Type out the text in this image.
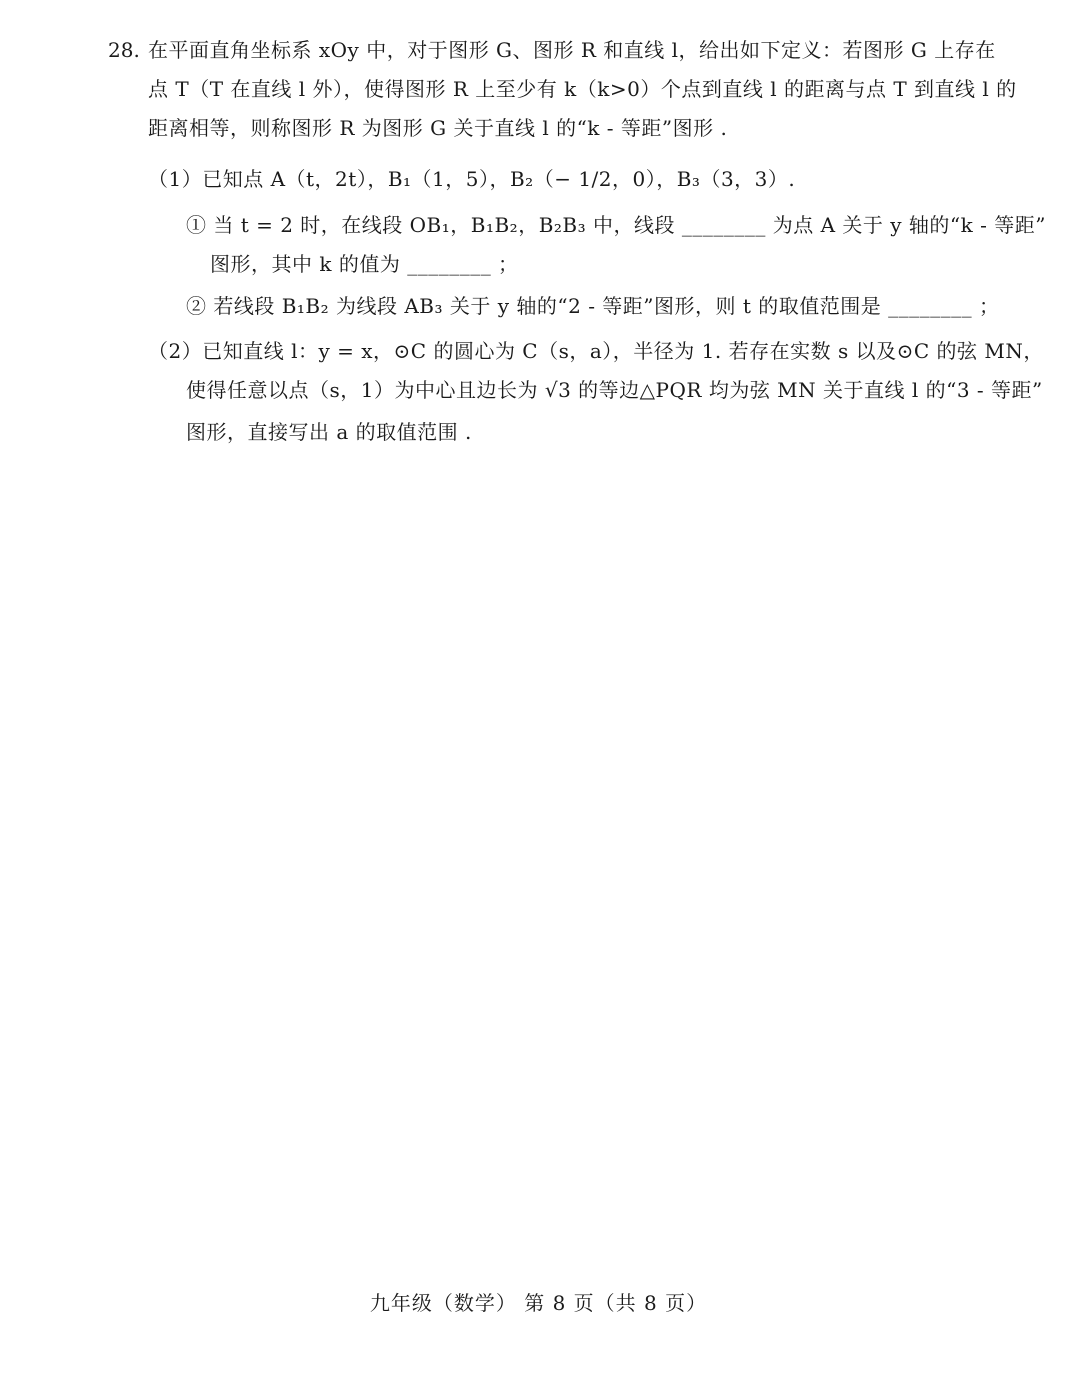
28. 在平面直角坐标系 xOy 中，对于图形 G、图形 R 和直线 l，给出如下定义：若图形 G 上存在
点 T（T 在直线 l 外），使得图形 R 上至少有 k（k>0）个点到直线 l 的距离与点 T 到直线 l 的
距离相等，则称图形 R 为图形 G 关于直线 l 的“k - 等距”图形 .
（1）已知点 A（t，2t），B₁（1，5），B₂（− 1/2，0），B₃（3，3）.
① 当 t = 2 时，在线段 OB₁，B₁B₂，B₂B₃ 中，线段 ________ 为点 A 关于 y 轴的“k - 等距”
图形，其中 k 的值为 ________ ；
② 若线段 B₁B₂ 为线段 AB₃ 关于 y 轴的“2 - 等距”图形，则 t 的取值范围是 ________ ；
（2）已知直线 l：y = x，⊙C 的圆心为 C（s，a），半径为 1. 若存在实数 s 以及⊙C 的弦 MN，
使得任意以点（s，1）为中心且边长为 √3 的等边△PQR 均为弦 MN 关于直线 l 的“3 - 等距”
图形，直接写出 a 的取值范围 .
九年级（数学） 第 8 页（共 8 页）
